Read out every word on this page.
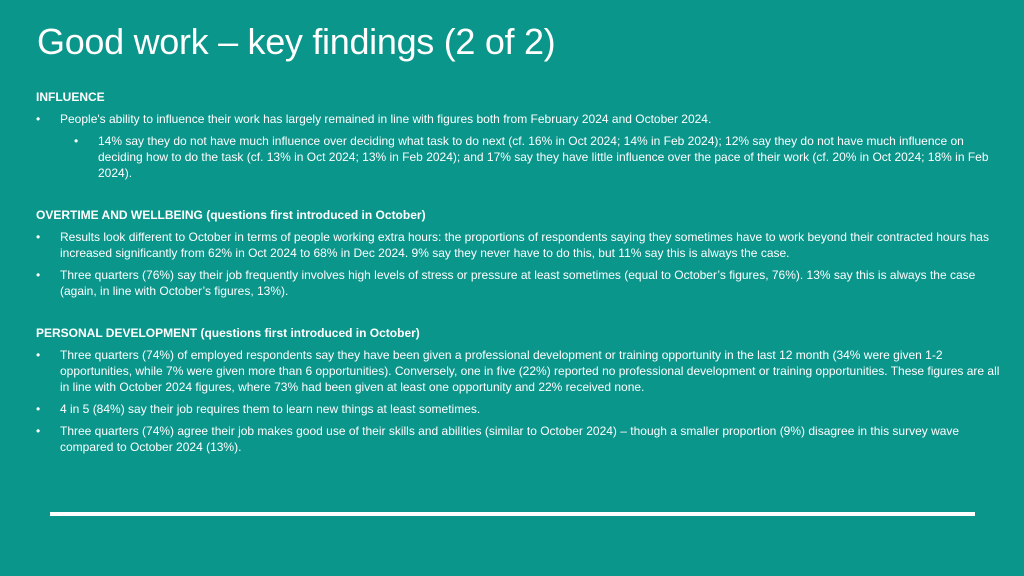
Good work – key findings (2 of 2)
INFLUENCE
• People's ability to influence their work has largely remained in line with figures both from February 2024 and October 2024.
• 14% say they do not have much influence over deciding what task to do next (cf. 16% in Oct 2024; 14% in Feb 2024); 12% say they do not have much influence on deciding how to do the task (cf. 13% in Oct 2024; 13% in Feb 2024); and 17% say they have little influence over the pace of their work (cf. 20% in Oct 2024; 18% in Feb 2024).
OVERTIME AND WELLBEING (questions first introduced in October)
• Results look different to October in terms of people working extra hours: the proportions of respondents saying they sometimes have to work beyond their contracted hours has increased significantly from 62% in Oct 2024 to 68% in Dec 2024. 9% say they never have to do this, but 11% say this is always the case.
• Three quarters (76%) say their job frequently involves high levels of stress or pressure at least sometimes (equal to October’s figures, 76%). 13% say this is always the case (again, in line with October’s figures, 13%).
PERSONAL DEVELOPMENT (questions first introduced in October)
• Three quarters (74%) of employed respondents say they have been given a professional development or training opportunity in the last 12 month (34% were given 1-2 opportunities, while 7% were given more than 6 opportunities). Conversely, one in five (22%) reported no professional development or training opportunities. These figures are all in line with October 2024 figures, where 73% had been given at least one opportunity and 22% received none.
• 4 in 5 (84%) say their job requires them to learn new things at least sometimes.
• Three quarters (74%) agree their job makes good use of their skills and abilities (similar to October 2024) – though a smaller proportion (9%) disagree in this survey wave compared to October 2024 (13%).
